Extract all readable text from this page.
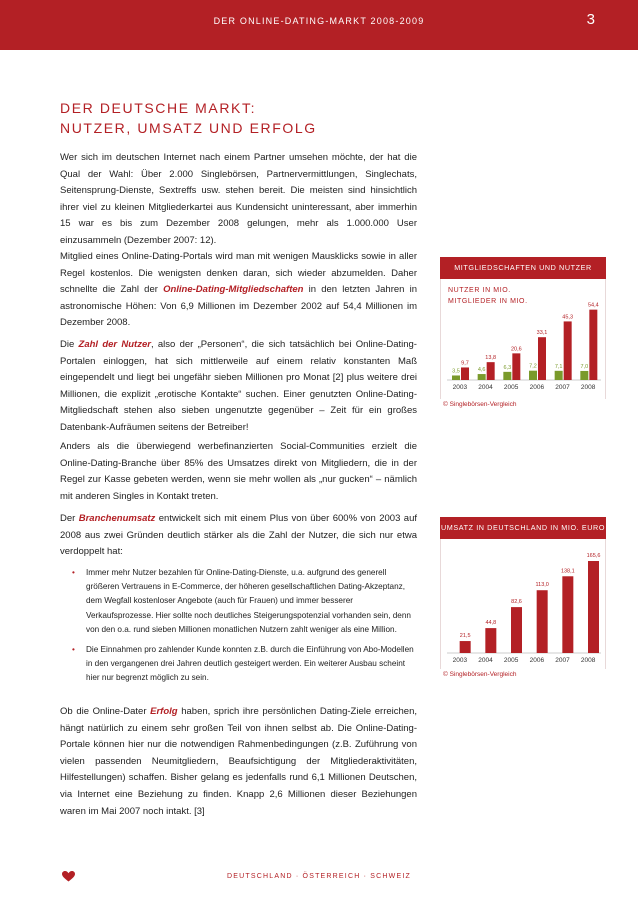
DER ONLINE-DATING-MARKT 2008-2009	3
DER DEUTSCHE MARKT:
NUTZER, UMSATZ UND ERFOLG
Wer sich im deutschen Internet nach einem Partner umsehen möchte, der hat die Qual der Wahl: Über 2.000 Singlebörsen, Partnervermittlungen, Singlechats, Seitensprung-Dienste, Sextreffs usw. stehen bereit. Die meisten sind hinsichtlich ihrer viel zu kleinen Mitgliederkartei aus Kundensicht uninteressant, aber immerhin 15 war es bis zum Dezember 2008 gelungen, mehr als 1.000.000 User einzusammeln (Dezember 2007: 12).
Mitglied eines Online-Dating-Portals wird man mit wenigen Mausklicks sowie in aller Regel kostenlos. Die wenigsten denken daran, sich wieder abzumelden. Daher schnellte die Zahl der Online-Dating-Mitgliedschaften in den letzten Jahren in astronomische Höhen: Von 6,9 Millionen im Dezember 2002 auf 54,4 Millionen im Dezember 2008.
Die Zahl der Nutzer, also der „Personen“, die sich tatsächlich bei Online-Dating-Portalen einloggen, hat sich mittlerweile auf einem relativ konstanten Maß eingependelt und liegt bei ungefähr sieben Millionen pro Monat [2] plus weitere drei Millionen, die explizit „erotische Kontakte“ suchen. Einer genutzten Online-Dating-Mitgliedschaft stehen also sieben ungenutzte gegenüber – Zeit für ein großes Datenbank-Aufräumen seitens der Betreiber!
Anders als die überwiegend werbefinanzierten Social-Communities erzielt die Online-Dating-Branche über 85% des Umsatzes direkt von Mitgliedern, die in der Regel zur Kasse gebeten werden, wenn sie mehr wollen als „nur gucken“ – nämlich mit anderen Singles in Kontakt treten.
Der Branchenumsatz entwickelt sich mit einem Plus von über 600% von 2003 auf 2008 aus zwei Gründen deutlich stärker als die Zahl der Nutzer, die sich nur etwa verdoppelt hat:
• Immer mehr Nutzer bezahlen für Online-Dating-Dienste, u.a. aufgrund des generell größeren Vertrauens in E-Commerce, der höheren gesellschaftlichen Dating-Akzeptanz, dem Wegfall kostenloser Angebote (auch für Frauen) und immer besserer Verkaufsprozesse. Hier sollte noch deutliches Steigerungspotenzial vorhanden sein, denn von den o.a. rund sieben Millionen monatlichen Nutzern zahlt weniger als eine Million.
• Die Einnahmen pro zahlender Kunde konnten z.B. durch die Einführung von Abo-Modellen in den vergangenen drei Jahren deutlich gesteigert werden. Ein weiterer Ausbau scheint hier nur begrenzt möglich zu sein.
Ob die Online-Dater Erfolg haben, sprich ihre persönlichen Dating-Ziele erreichen, hängt natürlich zu einem sehr großen Teil von ihnen selbst ab. Die Online-Dating-Portale können hier nur die notwendigen Rahmenbedingungen (z.B. Zuführung von vielen passenden Neumitgliedern, Beaufsichtigung der Mitgliederaktivitäten, Hilfestellungen) schaffen. Bisher gelang es jedenfalls rund 6,1 Millionen Deutschen, via Internet eine Beziehung zu finden. Knapp 2,6 Millionen dieser Beziehungen waren im Mai 2007 noch intakt. [3]
MITGLIEDSCHAFTEN UND NUTZER
NUTZER IN MIO.
MITGLIEDER IN MIO.
3,5
9,7
2003
4,6
13,8
2004
6,3
20,6
2005
7,2
33,1
2006
7,1
45,3
2007
7,0
54,4
2008
© Singlebörsen-Vergleich
UMSATZ IN DEUTSCHLAND IN MIO. EURO
21,5
2003
44,8
2004
82,6
2005
113,0
2006
138,1
2007
165,6
2008
© Singlebörsen-Vergleich
DEUTSCHLAND · ÖSTERREICH · SCHWEIZ
